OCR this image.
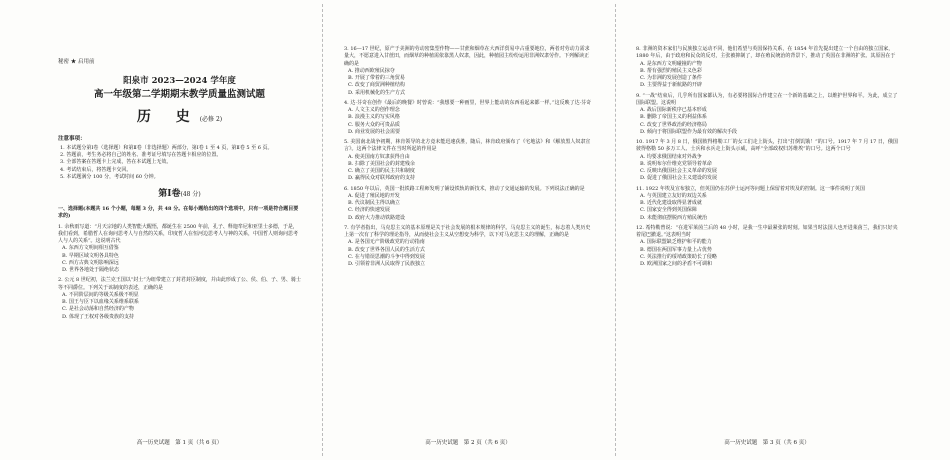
秘密 ★ 启用前
阳泉市 2023—2024 学年度
高一年级第二学期期末教学质量监测试题
历 史(必修 2)
注意事项：

1. 本试题分第Ⅰ卷（选择题）和第Ⅱ卷（非选择题）两部分，第Ⅰ卷 1 至 4 页，第Ⅱ卷 5 至 6 页。

2. 答题前，考生务必将自己的姓名、准考证号填写在答题卡相应的位置。

3. 全部答案在答题卡上完成，答在本试题上无效。

4. 考试结束后，将答题卡交回。

5. 本试题满分 100 分，考试时间 60 分钟。

第Ⅰ卷(48 分)
一、选择题(本题共 16 个小题，每题 3 分，共 48 分。在每小题给出的四个选项中，只有一项是符合题目要求的)
1. 余秋雨写道：“月天宗地的人类智能大醒悟，都诞生在 2500 年前，孔子、释迦牟尼和亚里士多德，于是，我们看到，希腊哲人在询问思考人与自然的关系，印度哲人在恒河边思考人与神的关系，中国哲人则询问思考人与人的关系”。这说明古代

A. 东西方文明间相互借鉴

B. 早期区域文明各具特色

C. 西方古典文明影响深远

D. 世界各地处于隔绝状态

2. 公元 8 世纪初，法兰克王国以“封土”为纽带建立了封君封臣制度，并由此形成了公、侯、伯、子、男、骑士等不同爵位。下列关于该制度的表述，正确的是

A. 不同阶层间的等级关系极不明显

B. 国王与臣下以血缘关系维系联系

C. 是社会动荡和自然经济的产物

D. 体现了王权对各级贵族的支持

高一历史试题　第 1 页（共 6 页）
3. 16—17 世纪，原产于美洲的劳动密集型作物——甘蔗和烟草在大西洋贸易中占重要地位，两者对劳动力需求量大，不愿意进入甘蔗田，而烟草的种植需依靠黑人奴隶，因此，种植园主纷纷运用非洲奴隶劳作。下列解读正确的是

A. 推动西欧殖民掠夺

B. 开展了带着的三角贸易

C. 改变了商贸洲种植结构

D. 采用机械化的生产方式

4. 达·芬奇在创作《最后的晚餐》时曾说：“我想要一种画里，世界上能动的东西看起来都一样。”这反映了达·芬奇

A. 人文主义的创作理念

B. 浪漫主义的写实风格

C. 服务大众的可贵品质

D. 商业发展的社会需要

5. 美国南北战争初期，林肯领导的北方竟未能迅速获胜，随后，林肯政府颁布了《宅地法》和《解放黑人奴隶宣言》。这两个法律文件在当时所起的作用是

A. 使美国南方奴隶获得自由

B. 扫除了美国社会的封建残余

C. 确立了美国的民主共和制度

D. 赢得民众对联邦政府的支持

6. 1850 年以后，英国一批铁路工程师发明了铺设铁轨的新技术，推动了交通运输的发展。下列说法正确的是

A. 促进了殖民地的开发

B. 代议制民主得以确立

C. 经济的快速发展

D. 政府大力推动铁路建设

7. 有学者指出，马克思主义的基本原理是关于社会发展的根本规律的科学。马克思主义的诞生，标志着人类历史上第一次有了科学的理论指导，从而使社会主义从空想变为科学，以下对马克思主义的理解，正确的是

A. 是各国无产阶级政党的行动指南

B. 改变了世界各国人民的生活方式

C. 在与错误思潮的斗争中得到发展

D. 引领着非洲人民取得了民族独立

高一历史试题　第 2 页（共 6 页）
8. 非洲的资本家们与民族独立运动不同，他们希望与英国保持关系，在 1854 年首先提出建立一个自由的独立国家，1880 年后，由于政府和民众的反对，主张被抑制了，却在殖民统治的背景下，推动了英国在非洲的扩张。其原因在于

A. 是东西方文明碰撞的产物

B. 帮有强烈的殖民主义色彩

C. 为非洲的发展创造了条件

D. 主要得益于新航路的开辟

9. “一战”结束后，几乎所有国家都认为，有必要将国际合作建立在一个新的基础之上，以维护世界和平。为此，成立了国际联盟。这说明

A. 战后国际新秩序已基本形成

B. 删除了帝国主义的利益体系

C. 改变了世界政治的经济格局

D. 倾向于将国际联盟作为最有效的解决手段

10. 1917 年 3 月 8 日，俄国彼得格勒工厂的女工们走上街头，打出“打倒饥饿！”的口号。1917 年 7 月 17 日，俄国彼得格勒 50 多万工人、士兵和水兵走上街头示威，高呼“全部政权归苏维埃”的口号。这两个口号

A. 均要求俄国结束对外战争

B. 说明布尔什维克党领导着革命

C. 反映出俄国社会主义革命的发展

D. 促进了俄国社会主义建设的发展

11. 1922 年埃及宣布独立，但英国仍在苏伊士运河等问题上保留着对埃及的控制。这一事件说明了英国

A. 与英国建立友好的双边关系

B. 近代化建设取得显著成就

C. 国家安全得到英国保障

D. 未能彻底摆脱西方殖民统治

12. 希特勒曾说：“在进军莱茵兰后的 48 小时，是我一生中最紧张的时刻。如果当时法国人也开进莱茵兰，我们只好夹着尾巴撤退。”这表明当时

A. 国际联盟缺乏维护和平的能力

B. 德国在两国军事力量上占优势

C. 英法推行的绥靖政策助长了侵略

D. 欧洲国家之间的矛盾不可调和

高一历史试题　第 3 页（共 6 页）
